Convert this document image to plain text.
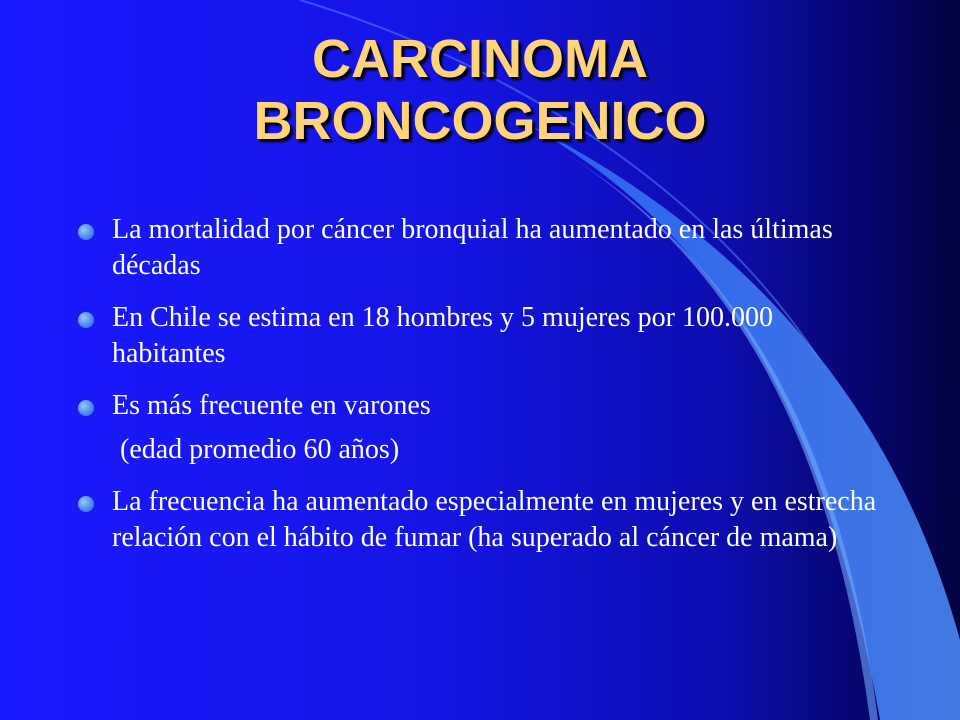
CARCINOMA
BRONCOGENICO
La mortalidad por cáncer bronquial ha aumentado en las últimas décadas
En Chile se estima en 18 hombres y 5 mujeres por 100.000 habitantes
Es más frecuente en varones
(edad promedio 60 años)
La frecuencia ha aumentado especialmente en mujeres y en estrecha relación con el hábito de fumar (ha superado al cáncer de mama)
